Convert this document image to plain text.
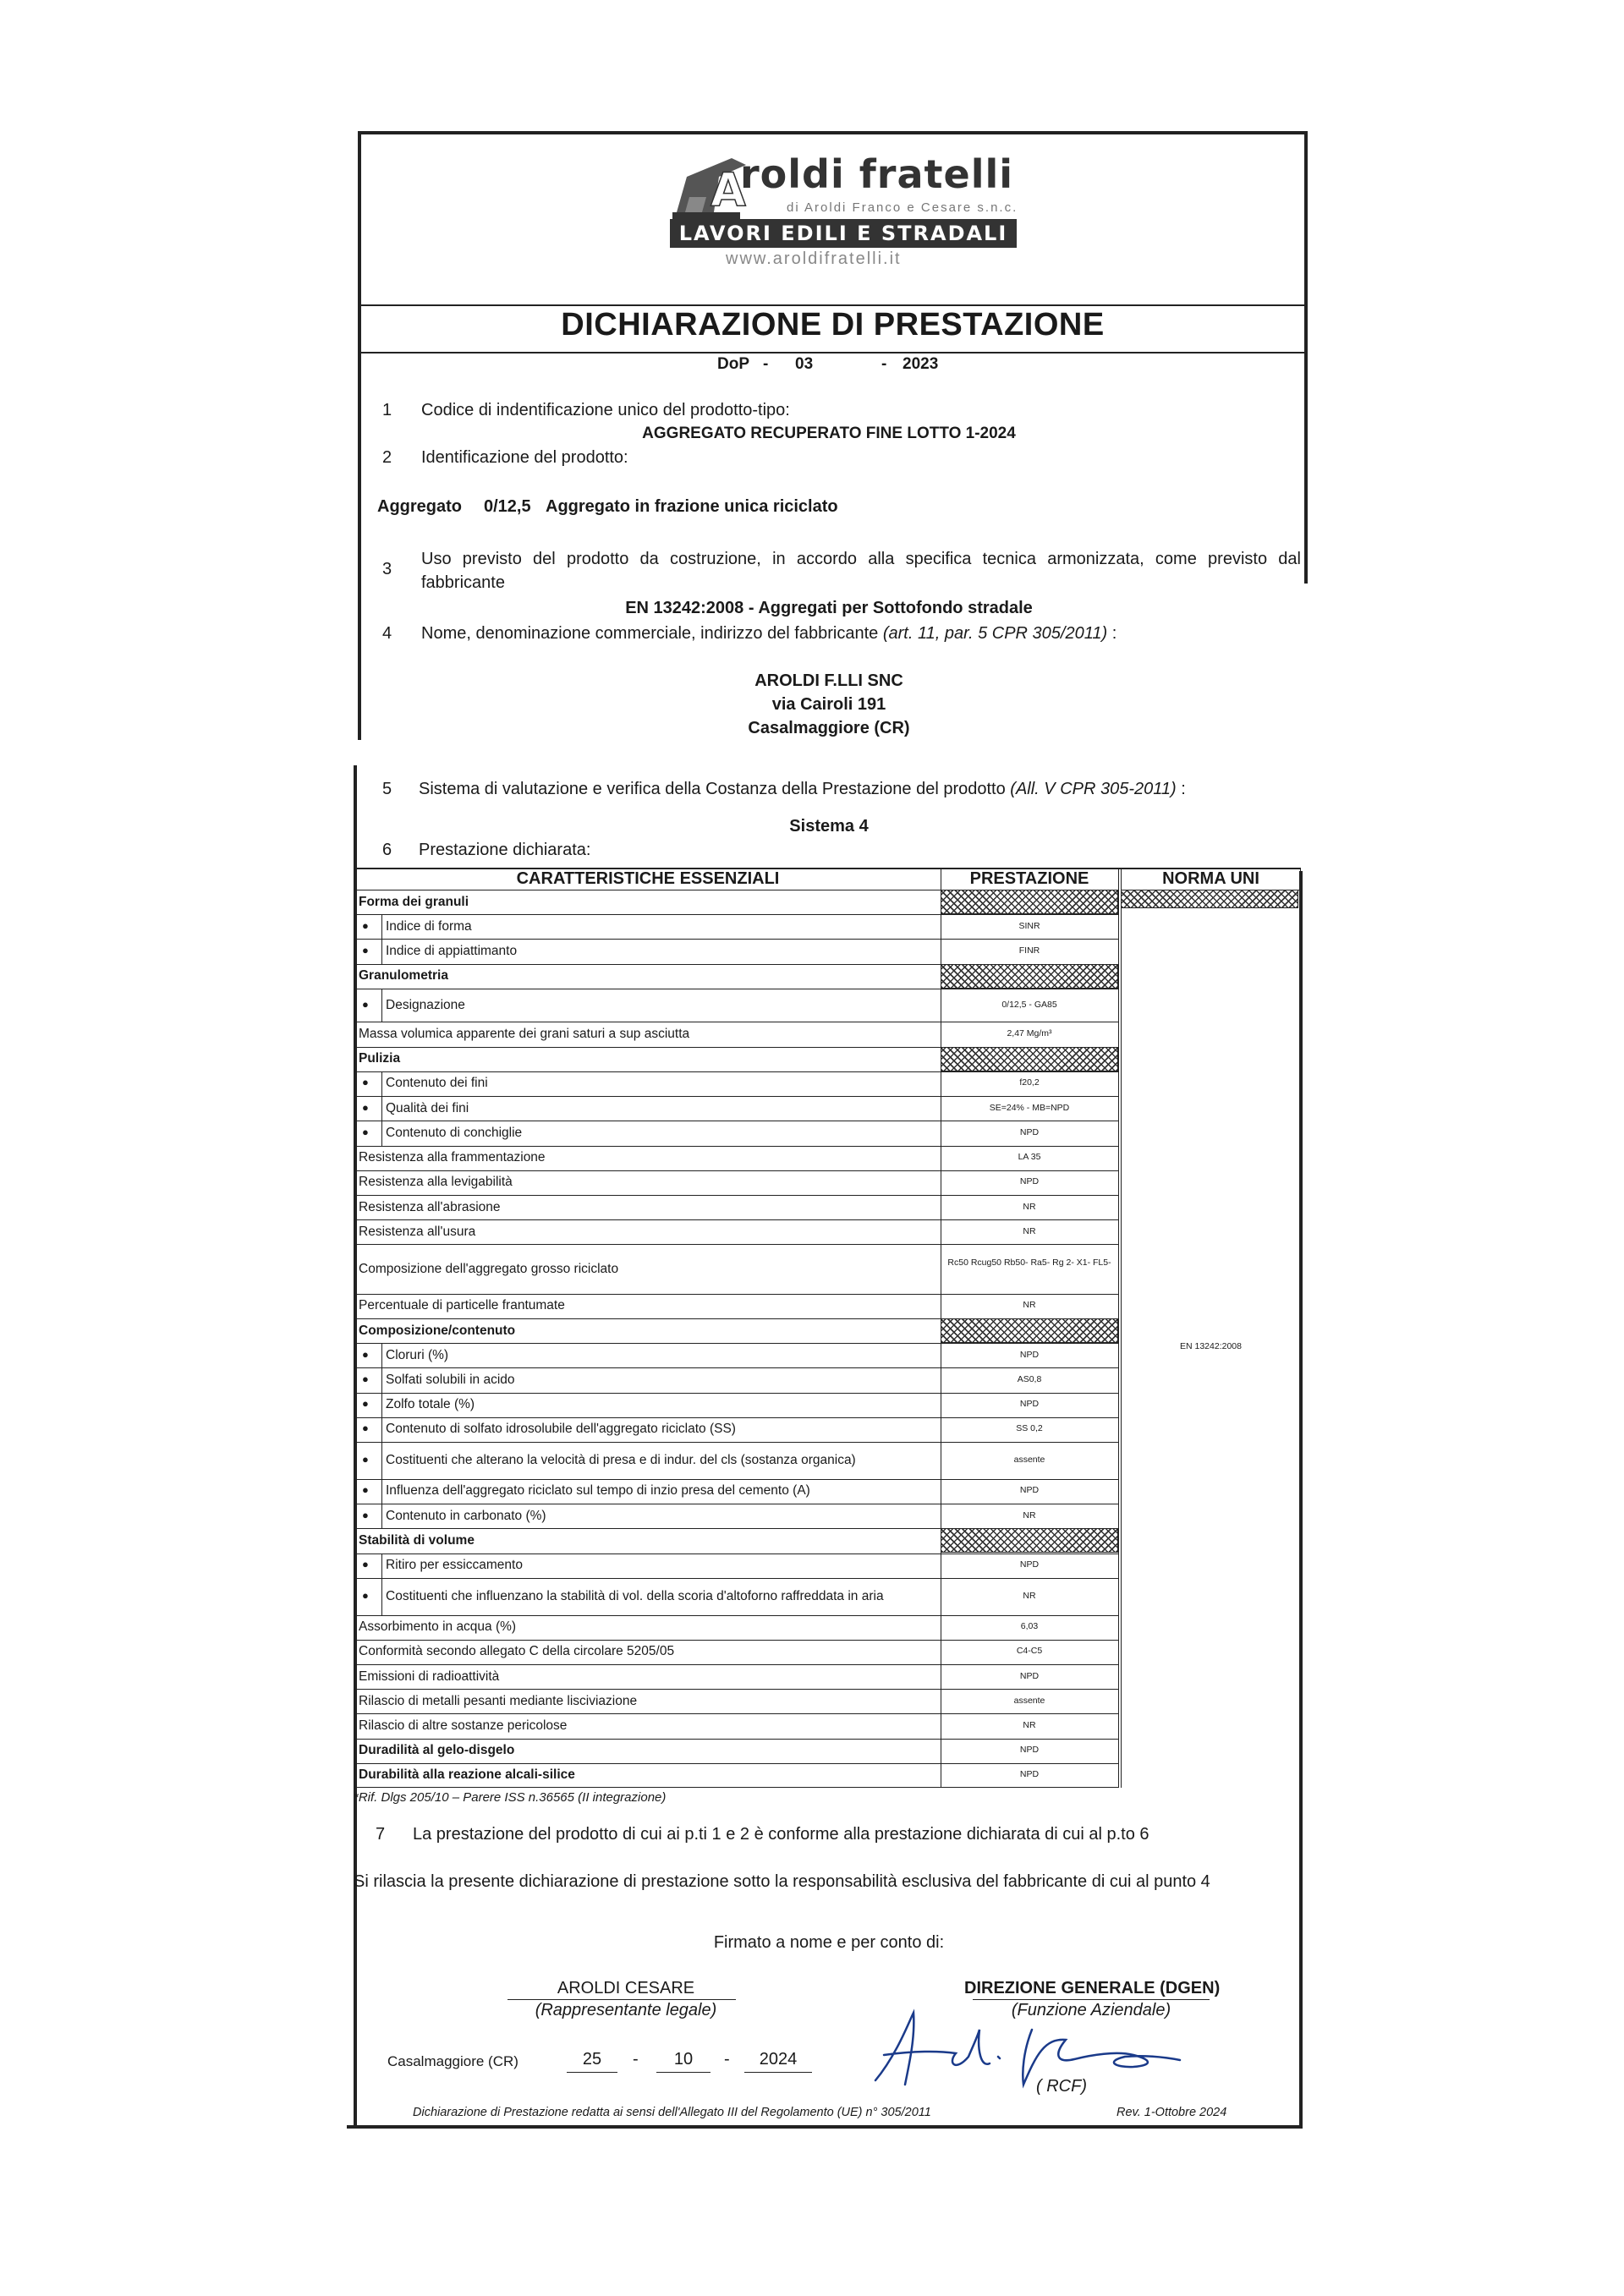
A
roldi fratelli
di Aroldi Franco e Cesare s.n.c.
LAVORI EDILI E STRADALI
www.aroldifratelli.it
DICHIARAZIONE DI PRESTAZIONE
DoP - 03	- 2023
1 Codice di indentificazione unico del prodotto-tipo:
AGGREGATO RECUPERATO FINE LOTTO 1-2024
2 Identificazione del prodotto:
Aggregato 0/12,5 Aggregato in frazione unica riciclato
3
Uso previsto del prodotto da costruzione, in accordo alla specifica tecnica armonizzata, come previsto dal
fabbricante
EN 13242:2008 - Aggregati per Sottofondo stradale
4 Nome, denominazione commerciale, indirizzo del fabbricante (art. 11, par. 5 CPR 305/2011) :
AROLDI F.LLI SNC
via Cairoli 191
Casalmaggiore (CR)
5 Sistema di valutazione e verifica della Costanza della Prestazione del prodotto (All. V CPR 305-2011) :
Sistema 4
6 Prestazione dichiarata:
CARATTERISTICHE ESSENZIALI	PRESTAZIONE	NORMA UNI
EN 13242:2008
Forma dei granuli
● Indice di forma	SINR
● Indice di appiattimanto	FINR
Granulometria
● Designazione	0/12,5 - GA85
Massa volumica apparente dei grani saturi a sup asciutta	2,47 Mg/m³
Pulizia
● Contenuto dei fini	f20,2
● Qualità dei fini	SE=24% - MB=NPD
● Contenuto di conchiglie	NPD
Resistenza alla frammentazione	LA 35
Resistenza alla levigabilità	NPD
Resistenza all'abrasione	NR
Resistenza all'usura	NR
Composizione dell'aggregato grosso riciclato	Rc50 Rcug50 Rb50- Ra5- Rg 2- X1- FL5-
Percentuale di particelle frantumate	NR
Composizione/contenuto
● Cloruri (%)	NPD
● Solfati solubili in acido	AS0,8
● Zolfo totale (%)	NPD
● Contenuto di solfato idrosolubile dell'aggregato riciclato (SS)	SS 0,2
● Costituenti che alterano la velocità di presa e di indur. del cls (sostanza organica)	assente
● Influenza dell'aggregato riciclato sul tempo di inzio presa del cemento (A)	NPD
● Contenuto in carbonato (%)	NR
Stabilità di volume
● Ritiro per essiccamento	NPD
● Costituenti che influenzano la stabilità di vol. della scoria d'altoforno raffreddata in aria	NR
Assorbimento in acqua (%)	6,03
Conformità secondo allegato C della circolare 5205/05	C4-C5
Emissioni di radioattività	NPD
Rilascio di metalli pesanti mediante lisciviazione	assente
Rilascio di altre sostanze pericolose	NR
Duradilità al gelo-disgelo	NPD
Durabilità alla reazione alcali-silice	NPD
*Rif. Dlgs 205/10 – Parere ISS n.36565 (II integrazione)
7 La prestazione del prodotto di cui ai p.ti 1 e 2 è conforme alla prestazione dichiarata di cui al p.to 6
Si rilascia la presente dichiarazione di prestazione sotto la responsabilità esclusiva del fabbricante di cui al punto 4
Firmato a nome e per conto di:
AROLDI CESARE
(Rappresentante legale)
DIREZIONE GENERALE (DGEN)
(Funzione Aziendale)
( RCF)
Casalmaggiore (CR)	25	-	10	-	2024
Dichiarazione di Prestazione redatta ai sensi dell'Allegato III del Regolamento (UE) n° 305/2011	Rev. 1-Ottobre 2024
